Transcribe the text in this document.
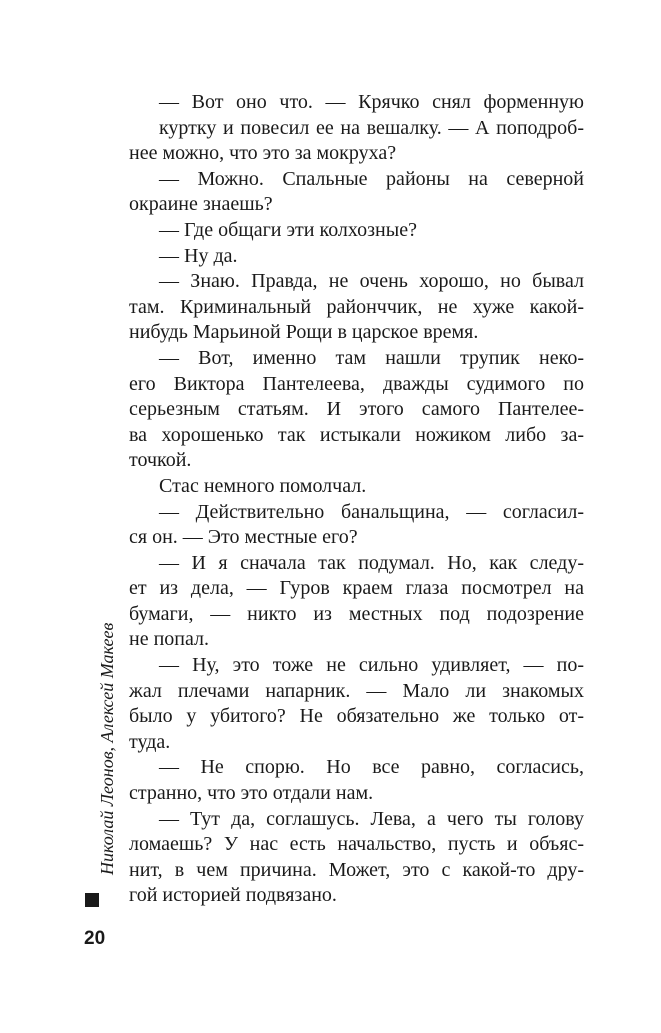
— Вот оно что. — Крячко снял форменную

куртку и повесил ее на вешалку. — А поподроб-

нее можно, что это за мокруха?

— Можно. Спальные районы на северной

окраине знаешь?

— Где общаги эти колхозные?

— Ну да.

— Знаю. Правда, не очень хорошо, но бывал

там. Криминальный районччик, не хуже какой-

нибудь Марьиной Рощи в царское время.

— Вот, именно там нашли трупик неко-

его Виктора Пантелеева, дважды судимого по

серьезным статьям. И этого самого Пантелее-

ва хорошенько так истыкали ножиком либо за-

точкой.

Стас немного помолчал.

— Действительно банальщина, — согласил-

ся он. — Это местные его?

— И я сначала так подумал. Но, как следу-

ет из дела, — Гуров краем глаза посмотрел на

бумаги, — никто из местных под подозрение

не попал.

— Ну, это тоже не сильно удивляет, — по-

жал плечами напарник. — Мало ли знакомых

было у убитого? Не обязательно же только от-

туда.

— Не спорю. Но все равно, согласись,

странно, что это отдали нам.

— Тут да, соглашусь. Лева, а чего ты голову

ломаешь? У нас есть начальство, пусть и объяс-

нит, в чем причина. Может, это с какой-то дру-

гой историей подвязано.

Николай Леонов, Алексей Макеев
20
